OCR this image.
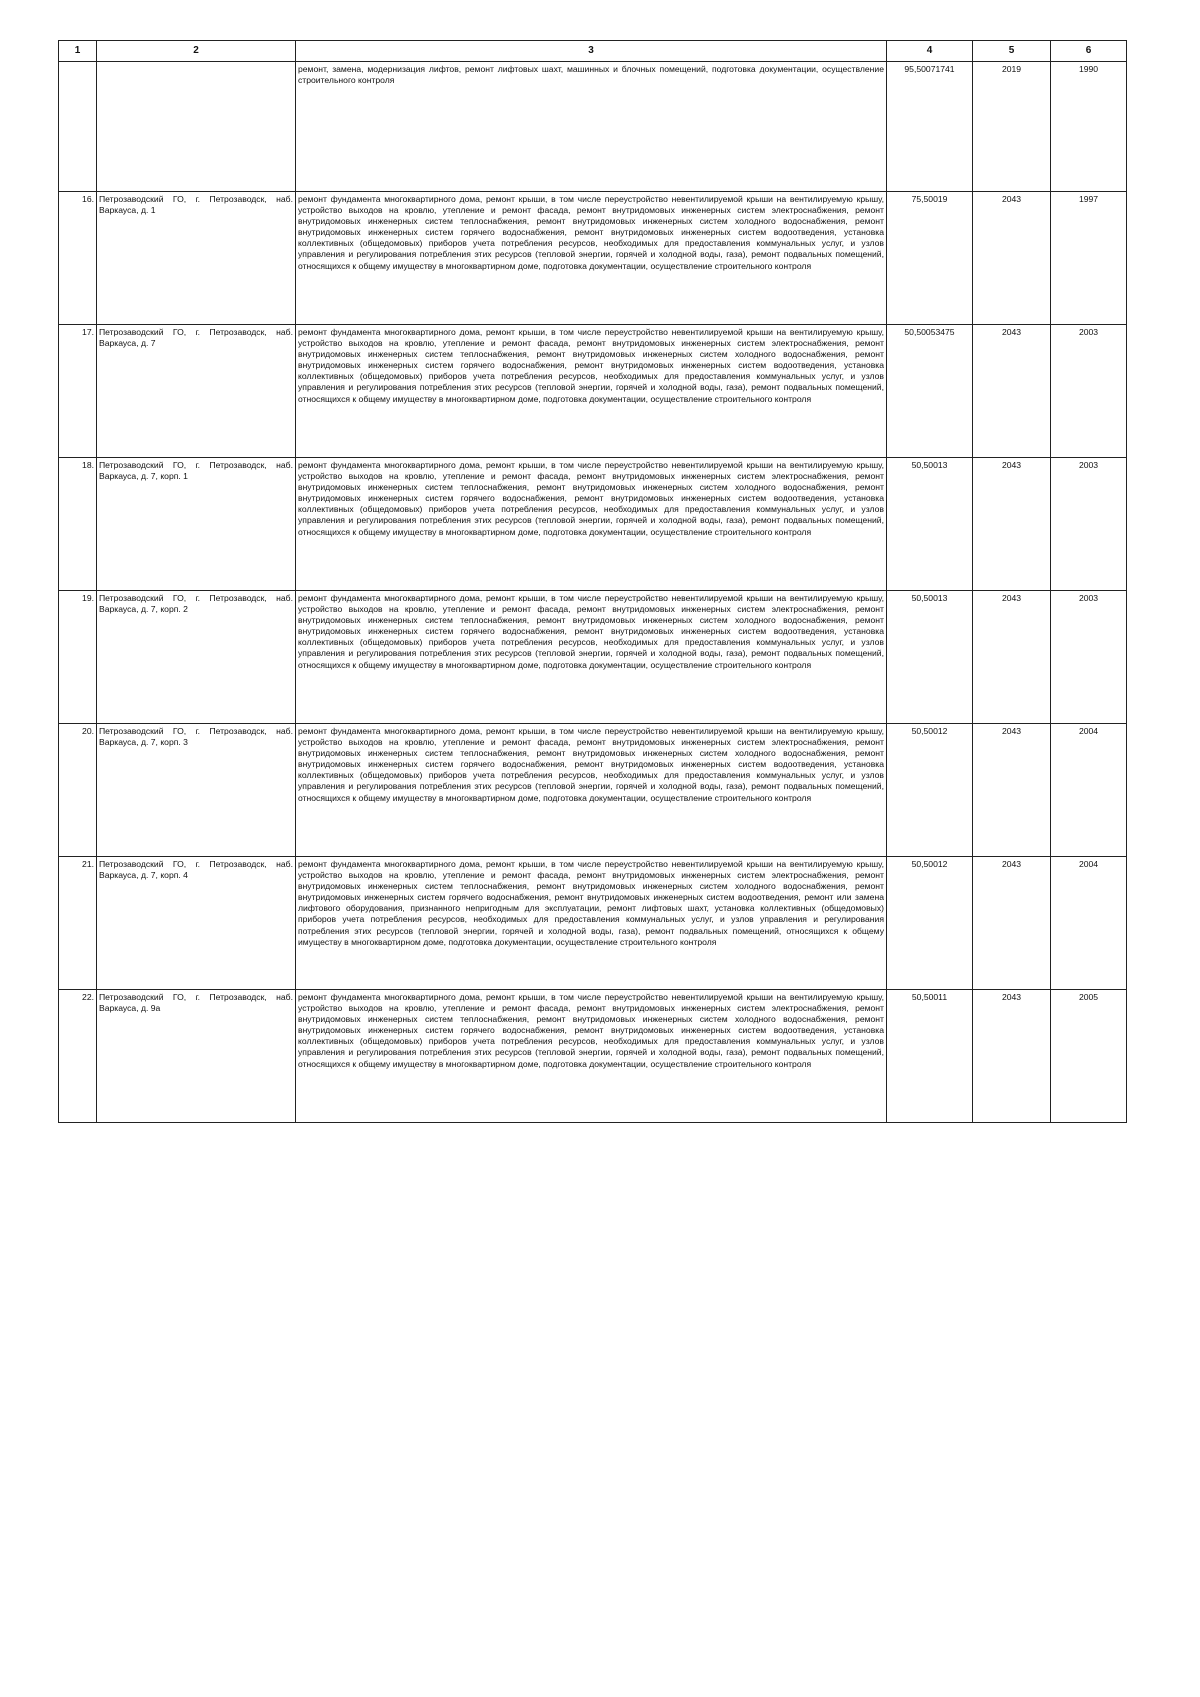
1	2	3	4	5	6
		ремонт, замена, модернизация лифтов, ремонт лифтовых шахт, машинных и блочных помещений, подготовка документации, осуществление строительного контроля	95,50071741	2019	1990
16.	Петрозаводский ГО, г. Петрозаводск, наб. Варкауса, д. 1	ремонт фундамента многоквартирного дома, ремонт крыши, в том числе переустройство невентилируемой крыши на вентилируемую крышу, устройство выходов на кровлю, утепление и ремонт фасада, ремонт внутридомовых инженерных систем электроснабжения, ремонт внутридомовых инженерных систем теплоснабжения, ремонт внутридомовых инженерных систем холодного водоснабжения, ремонт внутридомовых инженерных систем горячего водоснабжения, ремонт внутридомовых инженерных систем водоотведения, установка коллективных (общедомовых) приборов учета потребления ресурсов, необходимых для предоставления коммунальных услуг, и узлов управления и регулирования потребления этих ресурсов (тепловой энергии, горячей и холодной воды, газа), ремонт подвальных помещений, относящихся к общему имуществу в многоквартирном доме, подготовка документации, осуществление строительного контроля	75,50019	2043	1997
17.	Петрозаводский ГО, г. Петрозаводск, наб. Варкауса, д. 7	ремонт фундамента многоквартирного дома, ремонт крыши, в том числе переустройство невентилируемой крыши на вентилируемую крышу, устройство выходов на кровлю, утепление и ремонт фасада, ремонт внутридомовых инженерных систем электроснабжения, ремонт внутридомовых инженерных систем теплоснабжения, ремонт внутридомовых инженерных систем холодного водоснабжения, ремонт внутридомовых инженерных систем горячего водоснабжения, ремонт внутридомовых инженерных систем водоотведения, установка коллективных (общедомовых) приборов учета потребления ресурсов, необходимых для предоставления коммунальных услуг, и узлов управления и регулирования потребления этих ресурсов (тепловой энергии, горячей и холодной воды, газа), ремонт подвальных помещений, относящихся к общему имуществу в многоквартирном доме, подготовка документации, осуществление строительного контроля	50,50053475	2043	2003
18.	Петрозаводский ГО, г. Петрозаводск, наб. Варкауса, д. 7, корп. 1	ремонт фундамента многоквартирного дома, ремонт крыши, в том числе переустройство невентилируемой крыши на вентилируемую крышу, устройство выходов на кровлю, утепление и ремонт фасада, ремонт внутридомовых инженерных систем электроснабжения, ремонт внутридомовых инженерных систем теплоснабжения, ремонт внутридомовых инженерных систем холодного водоснабжения, ремонт внутридомовых инженерных систем горячего водоснабжения, ремонт внутридомовых инженерных систем водоотведения, установка коллективных (общедомовых) приборов учета потребления ресурсов, необходимых для предоставления коммунальных услуг, и узлов управления и регулирования потребления этих ресурсов (тепловой энергии, горячей и холодной воды, газа), ремонт подвальных помещений, относящихся к общему имуществу в многоквартирном доме, подготовка документации, осуществление строительного контроля	50,50013	2043	2003
19.	Петрозаводский ГО, г. Петрозаводск, наб. Варкауса, д. 7, корп. 2	ремонт фундамента многоквартирного дома, ремонт крыши, в том числе переустройство невентилируемой крыши на вентилируемую крышу, устройство выходов на кровлю, утепление и ремонт фасада, ремонт внутридомовых инженерных систем электроснабжения, ремонт внутридомовых инженерных систем теплоснабжения, ремонт внутридомовых инженерных систем холодного водоснабжения, ремонт внутридомовых инженерных систем горячего водоснабжения, ремонт внутридомовых инженерных систем водоотведения, установка коллективных (общедомовых) приборов учета потребления ресурсов, необходимых для предоставления коммунальных услуг, и узлов управления и регулирования потребления этих ресурсов (тепловой энергии, горячей и холодной воды, газа), ремонт подвальных помещений, относящихся к общему имуществу в многоквартирном доме, подготовка документации, осуществление строительного контроля	50,50013	2043	2003
20.	Петрозаводский ГО, г. Петрозаводск, наб. Варкауса, д. 7, корп. 3	ремонт фундамента многоквартирного дома, ремонт крыши, в том числе переустройство невентилируемой крыши на вентилируемую крышу, устройство выходов на кровлю, утепление и ремонт фасада, ремонт внутридомовых инженерных систем электроснабжения, ремонт внутридомовых инженерных систем теплоснабжения, ремонт внутридомовых инженерных систем холодного водоснабжения, ремонт внутридомовых инженерных систем горячего водоснабжения, ремонт внутридомовых инженерных систем водоотведения, установка коллективных (общедомовых) приборов учета потребления ресурсов, необходимых для предоставления коммунальных услуг, и узлов управления и регулирования потребления этих ресурсов (тепловой энергии, горячей и холодной воды, газа), ремонт подвальных помещений, относящихся к общему имуществу в многоквартирном доме, подготовка документации, осуществление строительного контроля	50,50012	2043	2004
21.	Петрозаводский ГО, г. Петрозаводск, наб. Варкауса, д. 7, корп. 4	ремонт фундамента многоквартирного дома, ремонт крыши, в том числе переустройство невентилируемой крыши на вентилируемую крышу, устройство выходов на кровлю, утепление и ремонт фасада, ремонт внутридомовых инженерных систем электроснабжения, ремонт внутридомовых инженерных систем теплоснабжения, ремонт внутридомовых инженерных систем холодного водоснабжения, ремонт внутридомовых инженерных систем горячего водоснабжения, ремонт внутридомовых инженерных систем водоотведения, ремонт или замена лифтового оборудования, признанного непригодным для эксплуатации, ремонт лифтовых шахт, установка коллективных (общедомовых) приборов учета потребления ресурсов, необходимых для предоставления коммунальных услуг, и узлов управления и регулирования потребления этих ресурсов (тепловой энергии, горячей и холодной воды, газа), ремонт подвальных помещений, относящихся к общему имуществу в многоквартирном доме, подготовка документации, осуществление строительного контроля	50,50012	2043	2004
22.	Петрозаводский ГО, г. Петрозаводск, наб. Варкауса, д. 9а	ремонт фундамента многоквартирного дома, ремонт крыши, в том числе переустройство невентилируемой крыши на вентилируемую крышу, устройство выходов на кровлю, утепление и ремонт фасада, ремонт внутридомовых инженерных систем электроснабжения, ремонт внутридомовых инженерных систем теплоснабжения, ремонт внутридомовых инженерных систем холодного водоснабжения, ремонт внутридомовых инженерных систем горячего водоснабжения, ремонт внутридомовых инженерных систем водоотведения, установка коллективных (общедомовых) приборов учета потребления ресурсов, необходимых для предоставления коммунальных услуг, и узлов управления и регулирования потребления этих ресурсов (тепловой энергии, горячей и холодной воды, газа), ремонт подвальных помещений, относящихся к общему имуществу в многоквартирном доме, подготовка документации, осуществление строительного контроля	50,50011	2043	2005
